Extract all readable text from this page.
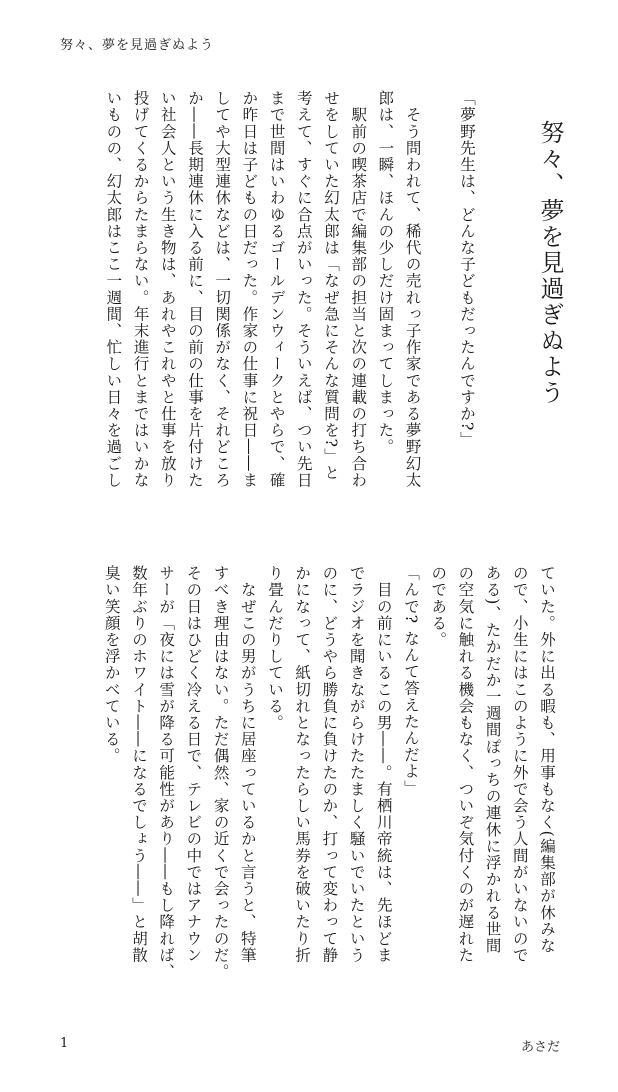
努々、夢を見過ぎぬよう
努々、夢を見過ぎぬよう
「夢野先生は、どんな子どもだったんですか?」
　そう問われて、稀代の売れっ子作家である夢野幻太
郎は、一瞬、ほんの少しだけ固まってしまった。
　駅前の喫茶店で編集部の担当と次の連載の打ち合わ
せをしていた幻太郎は「なぜ急にそんな質問を?」と
考えて、すぐに合点がいった。そういえば、つい先日
まで世間はいわゆるゴールデンウィークとやらで、確
か昨日は子どもの日だった。作家の仕事に祝日――ま
してや大型連休などは、一切関係がなく、それどころ
か――長期連休に入る前に、目の前の仕事を片付けた
い社会人という生き物は、あれやこれやと仕事を放り
投げてくるからたまらない。年末進行とまではいかな
いものの、幻太郎はここ一週間、忙しい日々を過ごし
ていた。外に出る暇も、用事もなく(編集部が休みな
ので、小生にはこのように外で会う人間がいないので
ある)、たかだか一週間ぽっちの連休に浮かれる世間
の空気に触れる機会もなく、ついぞ気付くのが遅れた
のである。
「んで? なんて答えたんだよ」
　目の前にいるこの男――。有栖川帝統は、先ほどま
でラジオを聞きながらけたたましく騒いでいたという
のに、どうやら勝負に負けたのか、打って変わって静
かになって、紙切れとなったらしい馬券を破いたり折
り畳んだりしている。
　なぜこの男がうちに居座っているかと言うと、特筆
すべき理由はない。ただ偶然、家の近くで会ったのだ。
その日はひどく冷える日で、テレビの中ではアナウン
サーが「夜には雪が降る可能性があり――もし降れば、
数年ぶりのホワイト――になるでしょう――」と胡散
臭い笑顔を浮かべている。
1	あさだ
